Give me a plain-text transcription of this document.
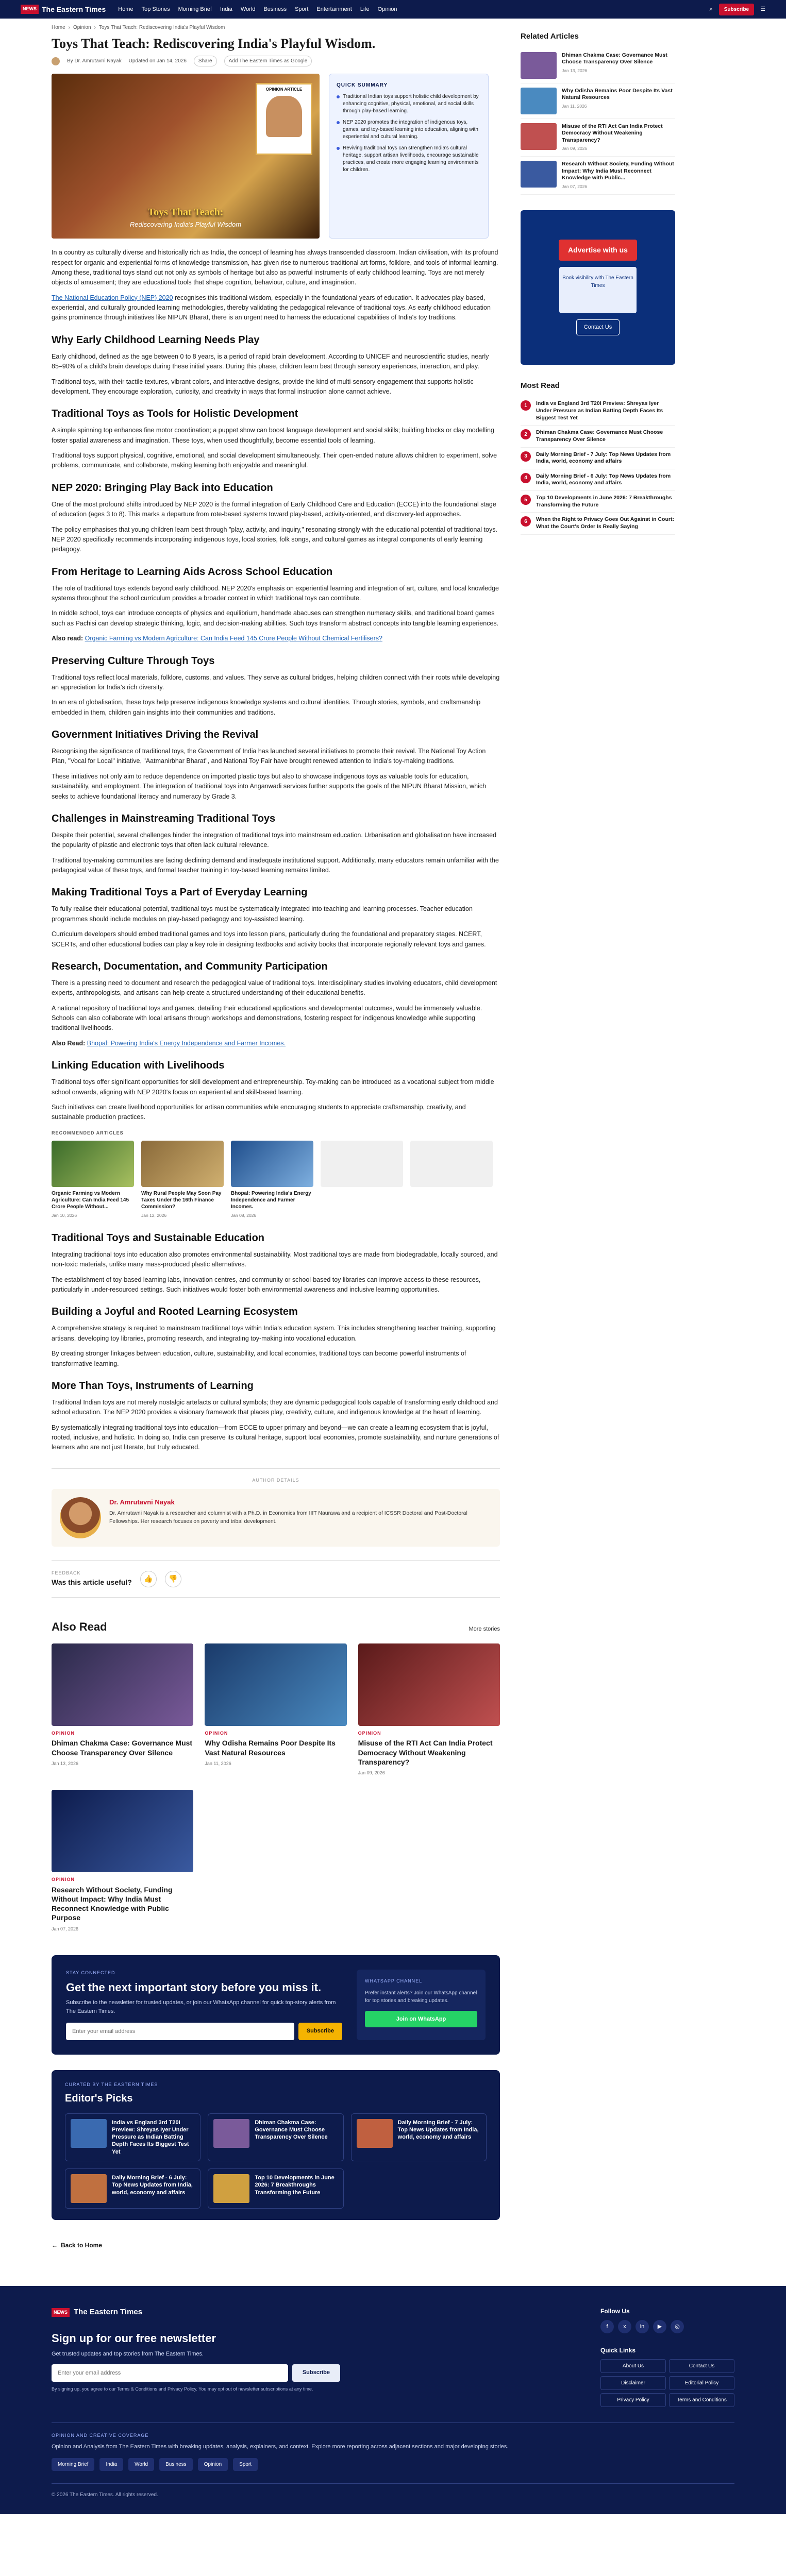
NEWS The Eastern Times Home Top Stories Morning Brief India World Business Sport Entertainment Life Opinion	⌕	Subscribe	☰
Home › Opinion › Toys That Teach: Rediscovering India's Playful Wisdom
Toys That Teach: Rediscovering India's Playful Wisdom.
By Dr. Amrutavni Nayak Updated on Jan 14, 2026	Share	Add The Eastern Times as Google
OPINION ARTICLE
Toys That Teach:
Rediscovering India's Playful Wisdom
QUICK SUMMARY
Traditional Indian toys support holistic child development by enhancing cognitive, physical, emotional, and social skills through play-based learning.
NEP 2020 promotes the integration of indigenous toys, games, and toy-based learning into education, aligning with experiential and cultural learning.
Reviving traditional toys can strengthen India's cultural heritage, support artisan livelihoods, encourage sustainable practices, and create more engaging learning environments for children.

In a country as culturally diverse and historically rich as India, the concept of learning has always transcended classroom. Indian civilisation, with its profound respect for organic and experiential forms of knowledge transmission, has given rise to numerous traditional art forms, folklore, and tools of informal learning. Among these, traditional toys stand out not only as symbols of heritage but also as powerful instruments of early childhood learning. Toys are not merely objects of amusement; they are educational tools that shape cognition, behaviour, culture, and imagination.

The National Education Policy (NEP) 2020 recognises this traditional wisdom, especially in the foundational years of education. It advocates play-based, experiential, and culturally grounded learning methodologies, thereby validating the pedagogical relevance of traditional toys. As early childhood education gains prominence through initiatives like NIPUN Bharat, there is an urgent need to harness the educational capabilities of India's toy traditions.

Why Early Childhood Learning Needs Play

Early childhood, defined as the age between 0 to 8 years, is a period of rapid brain development. According to UNICEF and neuroscientific studies, nearly 85–90% of a child's brain develops during these initial years. During this phase, children learn best through sensory experiences, interaction, and play.

Traditional toys, with their tactile textures, vibrant colors, and interactive designs, provide the kind of multi-sensory engagement that supports holistic development. They encourage exploration, curiosity, and creativity in ways that formal instruction alone cannot achieve.

Traditional Toys as Tools for Holistic Development

A simple spinning top enhances fine motor coordination; a puppet show can boost language development and social skills; building blocks or clay modelling foster spatial awareness and imagination. These toys, when used thoughtfully, become essential tools of learning.

Traditional toys support physical, cognitive, emotional, and social development simultaneously. Their open-ended nature allows children to experiment, solve problems, communicate, and collaborate, making learning both enjoyable and meaningful.

NEP 2020: Bringing Play Back into Education

One of the most profound shifts introduced by NEP 2020 is the formal integration of Early Childhood Care and Education (ECCE) into the foundational stage of education (ages 3 to 8). This marks a departure from rote-based systems toward play-based, activity-oriented, and discovery-led approaches.

The policy emphasises that young children learn best through "play, activity, and inquiry," resonating strongly with the educational potential of traditional toys. NEP 2020 specifically recommends incorporating indigenous toys, local stories, folk songs, and cultural games as integral components of early learning pedagogy.

From Heritage to Learning Aids Across School Education

The role of traditional toys extends beyond early childhood. NEP 2020's emphasis on experiential learning and integration of art, culture, and local knowledge systems throughout the school curriculum provides a broader context in which traditional toys can contribute.

In middle school, toys can introduce concepts of physics and equilibrium, handmade abacuses can strengthen numeracy skills, and traditional board games such as Pachisi can develop strategic thinking, logic, and decision-making abilities. Such toys transform abstract concepts into tangible learning experiences.

Also read: Organic Farming vs Modern Agriculture: Can India Feed 145 Crore People Without Chemical Fertilisers?

Preserving Culture Through Toys

Traditional toys reflect local materials, folklore, customs, and values. They serve as cultural bridges, helping children connect with their roots while developing an appreciation for India's rich diversity.

In an era of globalisation, these toys help preserve indigenous knowledge systems and cultural identities. Through stories, symbols, and craftsmanship embedded in them, children gain insights into their communities and traditions.

Government Initiatives Driving the Revival

Recognising the significance of traditional toys, the Government of India has launched several initiatives to promote their revival. The National Toy Action Plan, "Vocal for Local" initiative, "Aatmanirbhar Bharat", and National Toy Fair have brought renewed attention to India's toy-making traditions.

These initiatives not only aim to reduce dependence on imported plastic toys but also to showcase indigenous toys as valuable tools for education, sustainability, and employment. The integration of traditional toys into Anganwadi services further supports the goals of the NIPUN Bharat Mission, which seeks to achieve foundational literacy and numeracy by Grade 3.

Challenges in Mainstreaming Traditional Toys

Despite their potential, several challenges hinder the integration of traditional toys into mainstream education. Urbanisation and globalisation have increased the popularity of plastic and electronic toys that often lack cultural relevance.

Traditional toy-making communities are facing declining demand and inadequate institutional support. Additionally, many educators remain unfamiliar with the pedagogical value of these toys, and formal teacher training in toy-based learning remains limited.

Making Traditional Toys a Part of Everyday Learning

To fully realise their educational potential, traditional toys must be systematically integrated into teaching and learning processes. Teacher education programmes should include modules on play-based pedagogy and toy-assisted learning.

Curriculum developers should embed traditional games and toys into lesson plans, particularly during the foundational and preparatory stages. NCERT, SCERTs, and other educational bodies can play a key role in designing textbooks and activity books that incorporate regionally relevant toys and games.

Research, Documentation, and Community Participation

There is a pressing need to document and research the pedagogical value of traditional toys. Interdisciplinary studies involving educators, child development experts, anthropologists, and artisans can help create a structured understanding of their educational benefits.

A national repository of traditional toys and games, detailing their educational applications and developmental outcomes, would be immensely valuable. Schools can also collaborate with local artisans through workshops and demonstrations, fostering respect for indigenous knowledge while supporting traditional livelihoods.

Also Read: Bhopal: Powering India's Energy Independence and Farmer Incomes.

Linking Education with Livelihoods

Traditional toys offer significant opportunities for skill development and entrepreneurship. Toy-making can be introduced as a vocational subject from middle school onwards, aligning with NEP 2020's focus on experiential and skill-based learning.

Such initiatives can create livelihood opportunities for artisan communities while encouraging students to appreciate craftsmanship, creativity, and sustainable production practices.

RECOMMENDED ARTICLES
Organic Farming vs Modern Agriculture: Can India Feed 145 Crore People Without...
Jan 10, 2026
Why Rural People May Soon Pay Taxes Under the 16th Finance Commission?
Jan 12, 2026
Bhopal: Powering India's Energy Independence and Farmer Incomes.
Jan 08, 2026
Traditional Toys and Sustainable Education

Integrating traditional toys into education also promotes environmental sustainability. Most traditional toys are made from biodegradable, locally sourced, and non-toxic materials, unlike many mass-produced plastic alternatives.

The establishment of toy-based learning labs, innovation centres, and community or school-based toy libraries can improve access to these resources, particularly in under-resourced settings. Such initiatives would foster both environmental awareness and inclusive learning opportunities.

Building a Joyful and Rooted Learning Ecosystem

A comprehensive strategy is required to mainstream traditional toys within India's education system. This includes strengthening teacher training, supporting artisans, developing toy libraries, promoting research, and integrating toy-making into vocational education.

By creating stronger linkages between education, culture, sustainability, and local economies, traditional toys can become powerful instruments of transformative learning.

More Than Toys, Instruments of Learning

Traditional Indian toys are not merely nostalgic artefacts or cultural symbols; they are dynamic pedagogical tools capable of transforming early childhood and school education. The NEP 2020 provides a visionary framework that places play, creativity, culture, and indigenous knowledge at the heart of learning.

By systematically integrating traditional toys into education—from ECCE to upper primary and beyond—we can create a learning ecosystem that is joyful, rooted, inclusive, and holistic. In doing so, India can preserve its cultural heritage, support local economies, promote sustainability, and nurture generations of learners who are not just literate, but truly educated.

AUTHOR DETAILS
Dr. Amrutavni Nayak

Dr. Amrutavni Nayak is a researcher and columnist with a Ph.D. in Economics from IIIT Naurawa and a recipient of ICSSR Doctoral and Post-Doctoral Fellowships. Her research focuses on poverty and tribal development.

FEEDBACK
Was this article useful?	👍	👎
Also Read	More stories
OPINION
Dhiman Chakma Case: Governance Must Choose Transparency Over Silence
Jan 13, 2026
OPINION
Why Odisha Remains Poor Despite Its Vast Natural Resources
Jan 11, 2026
OPINION
Misuse of the RTI Act Can India Protect Democracy Without Weakening Transparency?
Jan 09, 2026
OPINION
Research Without Society, Funding Without Impact: Why India Must Reconnect Knowledge with Public Purpose
Jan 07, 2026
STAY CONNECTED
Get the next important story before you miss it.

Subscribe to the newsletter for trusted updates, or join our WhatsApp channel for quick top-story alerts from The Eastern Times.

Enter your email address
Subscribe
WHATSAPP CHANNEL

Prefer instant alerts? Join our WhatsApp channel for top stories and breaking updates.

Join on WhatsApp
CURATED BY THE EASTERN TIMES
Editor's Picks
India vs England 3rd T20I Preview: Shreyas Iyer Under Pressure as Indian Batting Depth Faces Its Biggest Test Yet
Dhiman Chakma Case: Governance Must Choose Transparency Over Silence
Daily Morning Brief - 7 July: Top News Updates from India, world, economy and affairs
Daily Morning Brief - 6 July: Top News Updates from India, world, economy and affairs
Top 10 Developments in June 2026: 7 Breakthroughs Transforming the Future
← Back to Home
Related Articles
Dhiman Chakma Case: Governance Must Choose Transparency Over Silence
Jan 13, 2026
Why Odisha Remains Poor Despite Its Vast Natural Resources
Jan 11, 2026
Misuse of the RTI Act Can India Protect Democracy Without Weakening Transparency?
Jan 09, 2026
Research Without Society, Funding Without Impact: Why India Must Reconnect Knowledge with Public...
Jan 07, 2026
Advertise with us
Book visibility with The Eastern Times
Contact Us
Most Read
1	India vs England 3rd T20I Preview: Shreyas Iyer Under Pressure as Indian Batting Depth Faces Its Biggest Test Yet
2	Dhiman Chakma Case: Governance Must Choose Transparency Over Silence
3	Daily Morning Brief - 7 July: Top News Updates from India, world, economy and affairs
4	Daily Morning Brief - 6 July: Top News Updates from India, world, economy and affairs
5	Top 10 Developments in June 2026: 7 Breakthroughs Transforming the Future
6	When the Right to Privacy Goes Out Against in Court: What the Court's Order Is Really Saying
NEWS The Eastern Times
Sign up for our free newsletter

Get trusted updates and top stories from The Eastern Times.

Enter your email address
Subscribe
By signing up, you agree to our Terms & Conditions and Privacy Policy. You may opt out of newsletter subscriptions at any time.
Follow Us
f	x	in	▶	◎
Quick Links
About Us	Contact Us
Disclaimer	Editorial Policy
Privacy Policy	Terms and Conditions
OPINION AND CREATIVE COVERAGE

Opinion and Analysis from The Eastern Times with breaking updates, analysis, explainers, and context. Explore more reporting across adjacent sections and major developing stories.

Morning Brief	India	World	Business	Opinion	Sport
© 2026 The Eastern Times. All rights reserved.
